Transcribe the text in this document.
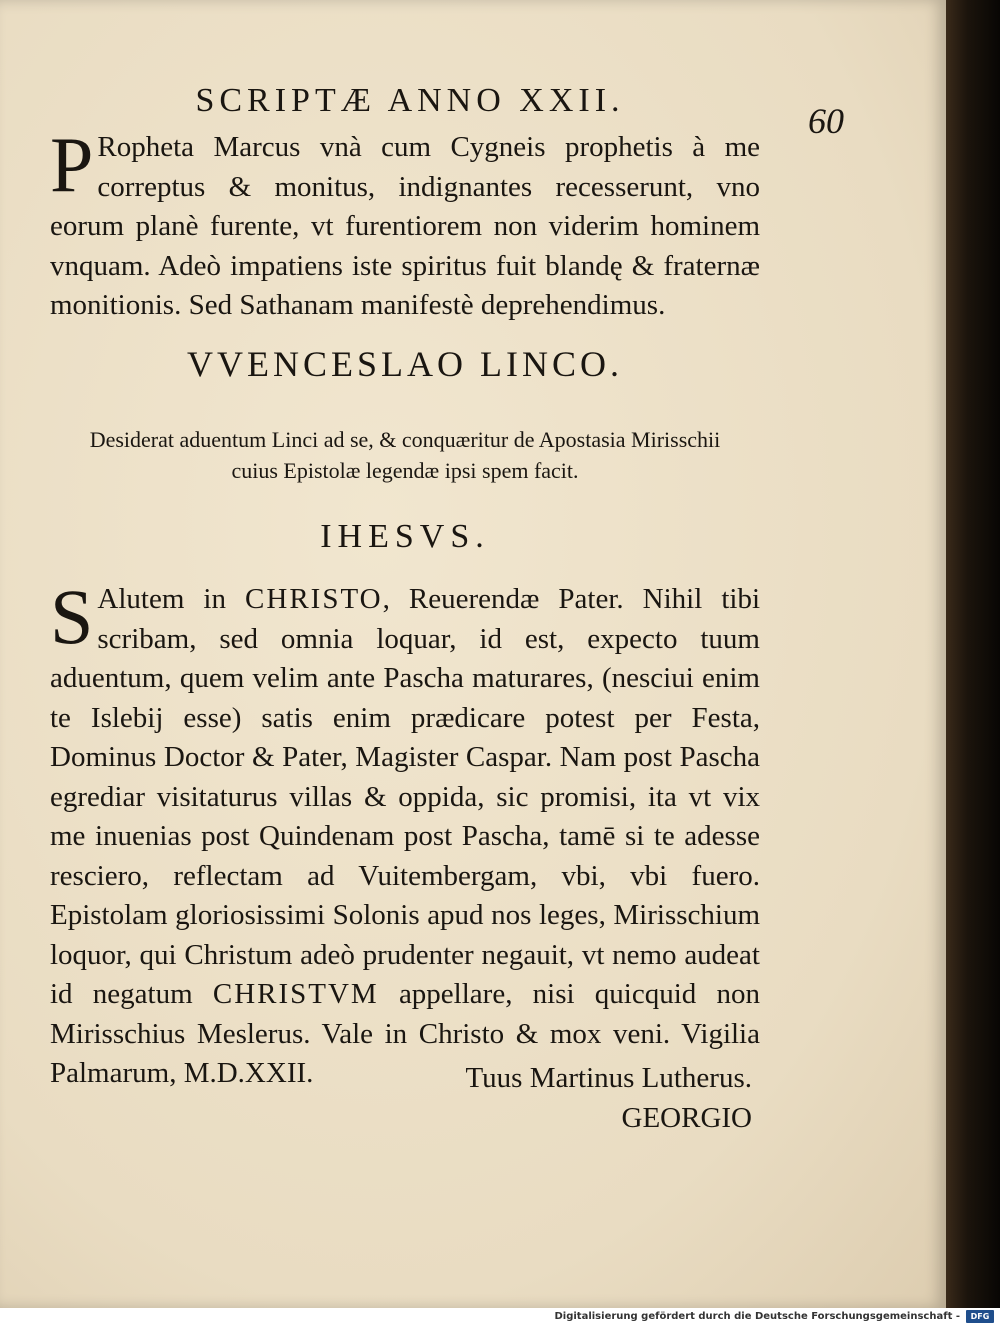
60
SCRIPTÆ ANNO XXII.
P Ropheta Marcus vnà cum Cygneis prophetis à me correptus & monitus, indignantes recesserunt, vno eorum planè furente, vt furentiorem non viderim hominem vnquam. Adeò impatiens iste spiritus fuit blandę & fraternæ monitionis. Sed Sathanam manifestè deprehendimus.
VVENCESLAO LINCO.
Desiderat aduentum Linci ad se, & conquæritur de Apostasia Mirisschii
cuius Epistolæ legendæ ipsi spem facit.
IHESVS.
S Alutem in CHRISTO, Reuerendæ Pater. Nihil tibi scribam, sed omnia loquar, id est, expecto tuum aduentum, quem velim ante Pascha maturares, (nesciui enim te Islebij esse) satis enim prædicare potest per Festa, Dominus Doctor & Pater, Magister Caspar. Nam post Pascha egrediar visitaturus villas & oppida, sic promisi, ita vt vix me inuenias post Quindenam post Pascha, tamē si te adesse resciero, reflectam ad Vuitembergam, vbi, vbi fuero. Epistolam gloriosissimi Solonis apud nos leges, Mirisschium loquor, qui Christum adeò prudenter negauit, vt nemo audeat id negatum CHRISTVM appellare, nisi quicquid non Mirisschius Meslerus. Vale in Christo & mox veni. Vigilia Palmarum, M.D.XXII.	Tuus Martinus Lutherus.
GEORGIO
Digitalisierung gefördert durch die Deutsche Forschungsgemeinschaft -	DFG
